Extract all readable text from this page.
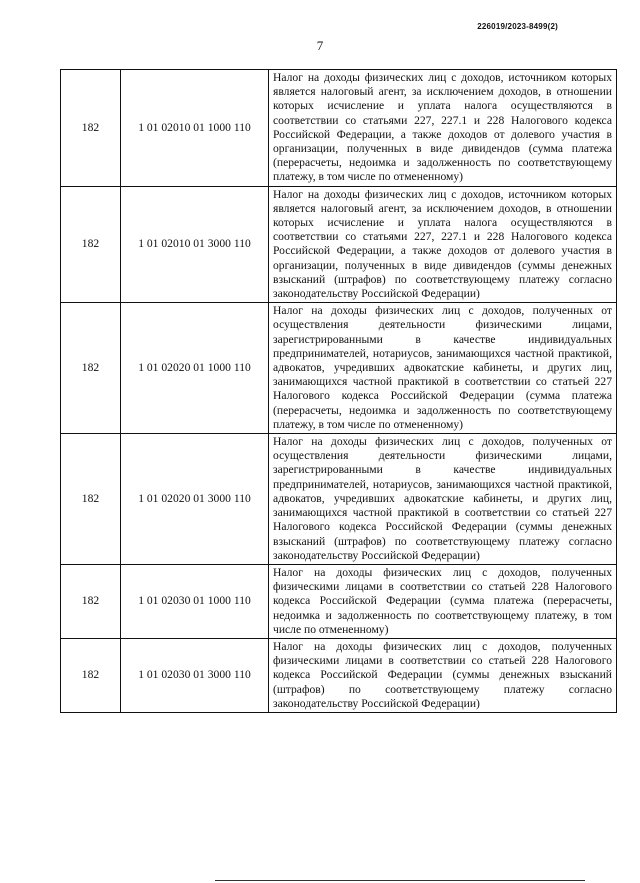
226019/2023-8499(2)
7
182	1 01 02010 01 1000 110	Налог на доходы физических лиц с доходов, источником которых является налоговый агент, за исключением доходов, в отношении которых исчисление и уплата налога осуществляются в соответствии со статьями 227, 227.1 и 228 Налогового кодекса Российской Федерации, а также доходов от долевого участия в организации, полученных в виде дивидендов (сумма платежа (перерасчеты, недоимка и задолженность по соответствующему платежу, в том числе по отмененному)
182	1 01 02010 01 3000 110	Налог на доходы физических лиц с доходов, источником которых является налоговый агент, за исключением доходов, в отношении которых исчисление и уплата налога осуществляются в соответствии со статьями 227, 227.1 и 228 Налогового кодекса Российской Федерации, а также доходов от долевого участия в организации, полученных в виде дивидендов (суммы денежных взысканий (штрафов) по соответствующему платежу согласно законодательству Российской Федерации)
182	1 01 02020 01 1000 110	Налог на доходы физических лиц с доходов, полученных от осуществления деятельности физическими лицами, зарегистрированными в качестве индивидуальных предпринимателей, нотариусов, занимающихся частной практикой, адвокатов, учредивших адвокатские кабинеты, и других лиц, занимающихся частной практикой в соответствии со статьей 227 Налогового кодекса Российской Федерации (сумма платежа (перерасчеты, недоимка и задолженность по соответствующему платежу, в том числе по отмененному)
182	1 01 02020 01 3000 110	Налог на доходы физических лиц с доходов, полученных от осуществления деятельности физическими лицами, зарегистрированными в качестве индивидуальных предпринимателей, нотариусов, занимающихся частной практикой, адвокатов, учредивших адвокатские кабинеты, и других лиц, занимающихся частной практикой в соответствии со статьей 227 Налогового кодекса Российской Федерации (суммы денежных взысканий (штрафов) по соответствующему платежу согласно законодательству Российской Федерации)
182	1 01 02030 01 1000 110	Налог на доходы физических лиц с доходов, полученных физическими лицами в соответствии со статьей 228 Налогового кодекса Российской Федерации (сумма платежа (перерасчеты, недоимка и задолженность по соответствующему платежу, в том числе по отмененному)
182	1 01 02030 01 3000 110	Налог на доходы физических лиц с доходов, полученных физическими лицами в соответствии со статьей 228 Налогового кодекса Российской Федерации (суммы денежных взысканий (штрафов) по соответствующему платежу согласно законодательству Российской Федерации)
